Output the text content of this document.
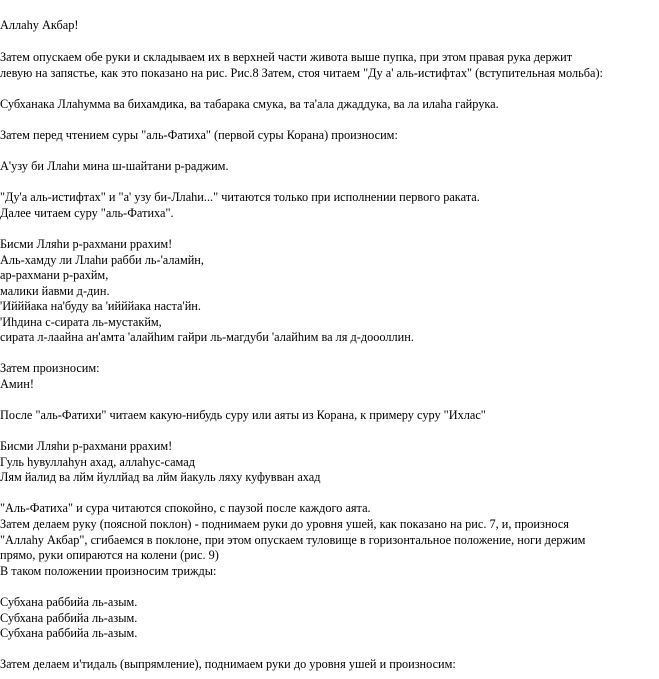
Аллаhу Акбар!
Затем опускаем обе руки и складываем их в верхней части живота выше пупка, при этом правая рука держит
левую на запястье, как это показано на рис. Рис.8 Затем, стоя читаем "Ду а' аль-истифтах" (вступительная мольба):
Субханака Ллаhумма ва бихамдика, ва табарака смука, ва та'ала джаддука, ва ла илаhа гайрука.
Затем перед чтением суры "аль-Фатиха" (первой суры Корана) произносим:
А'узу би Ллаhи мина ш-шайтани р-раджим.
"Ду'а аль-истифтах" и "а' узу би-Ллаhи..." читаются только при исполнении первого раката.
Далее читаем суру "аль-Фатиха".
Бисми Лляhи р-рахмани ррахим!
Аль-хамду ли Ллаhи рабби ль-'аламйн,
ар-рахмани р-рахйм,
малики йавми д-дин.
'Ийййака на'буду ва 'ийййака наста'йн.
'Иhдина с-сирата ль-мустакйм,
сирата л-лаайна ан'амта 'алайhим гайри ль-магдуби 'алайhим ва ля д-доооллин.
Затем произносим:
Амин!
После "аль-Фатихи" читаем какую-нибудь суру или аяты из Корана, к примеру суру "Ихлас"
Бисми Лляhи р-рахмани ррахим!
Гуль hувуллаhун ахад, аллаhус-самад
Лям йалид ва лйм йуллйад ва лйм йакуль ляху куфувван ахад
"Аль-Фатиха" и сура читаются спокойно, с паузой после каждого аята.
Затем делаем руку (поясной поклон) - поднимаем руки до уровня ушей, как показано на рис. 7, и, произнося
"Аллаhу Акбар", сгибаемся в поклоне, при этом опускаем туловище в горизонтальное положение, ноги держим
прямо, руки опираются на колени (рис. 9)
В таком положении произносим трижды:
Субхана раббийа ль-азым.
Субхана раббийа ль-азым.
Субхана раббийа ль-азым.
Затем делаем и'тидаль (выпрямление), поднимаем руки до уровня ушей и произносим:
